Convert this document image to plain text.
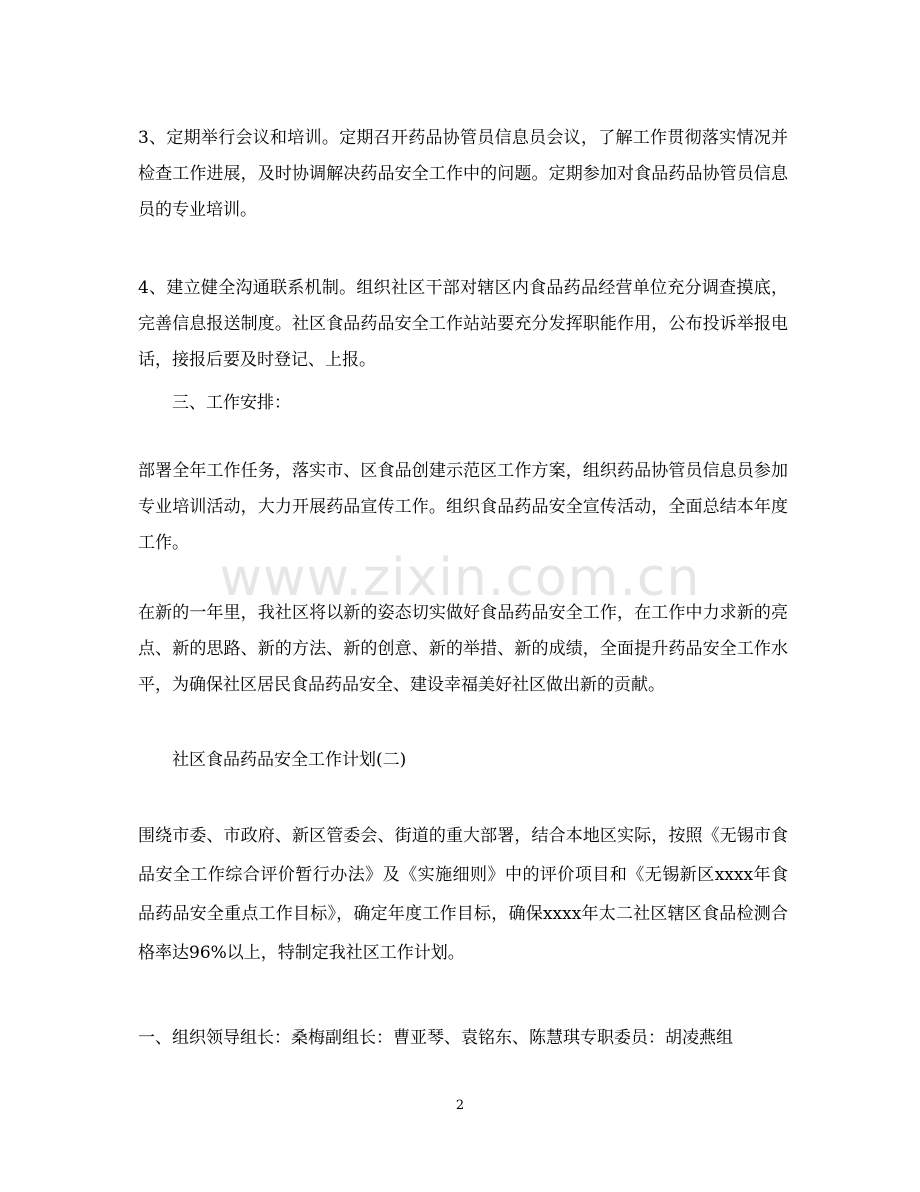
3、定期举行会议和培训。定期召开药品协管员信息员会议，了解工作贯彻落实情况并检查工作进展，及时协调解决药品安全工作中的问题。定期参加对食品药品协管员信息员的专业培训。

4、建立健全沟通联系机制。组织社区干部对辖区内食品药品经营单位充分调查摸底，完善信息报送制度。社区食品药品安全工作站站要充分发挥职能作用，公布投诉举报电话，接报后要及时登记、上报。

三、工作安排：

部署全年工作任务，落实市、区食品创建示范区工作方案，组织药品协管员信息员参加专业培训活动，大力开展药品宣传工作。组织食品药品安全宣传活动，全面总结本年度工作。

在新的一年里，我社区将以新的姿态切实做好食品药品安全工作，在工作中力求新的亮点、新的思路、新的方法、新的创意、新的举措、新的成绩，全面提升药品安全工作水平，为确保社区居民食品药品安全、建设幸福美好社区做出新的贡献。

社区食品药品安全工作计划(二)

围绕市委、市政府、新区管委会、街道的重大部署，结合本地区实际，按照《无锡市食品安全工作综合评价暂行办法》及《实施细则》中的评价项目和《无锡新区xxxx年食品药品安全重点工作目标》，确定年度工作目标，确保xxxx年太二社区辖区食品检测合格率达96%以上，特制定我社区工作计划。

一、组织领导组长：桑梅副组长：曹亚琴、袁铭东、陈慧琪专职委员：胡凌燕组

www.zixin.com.cn
2
